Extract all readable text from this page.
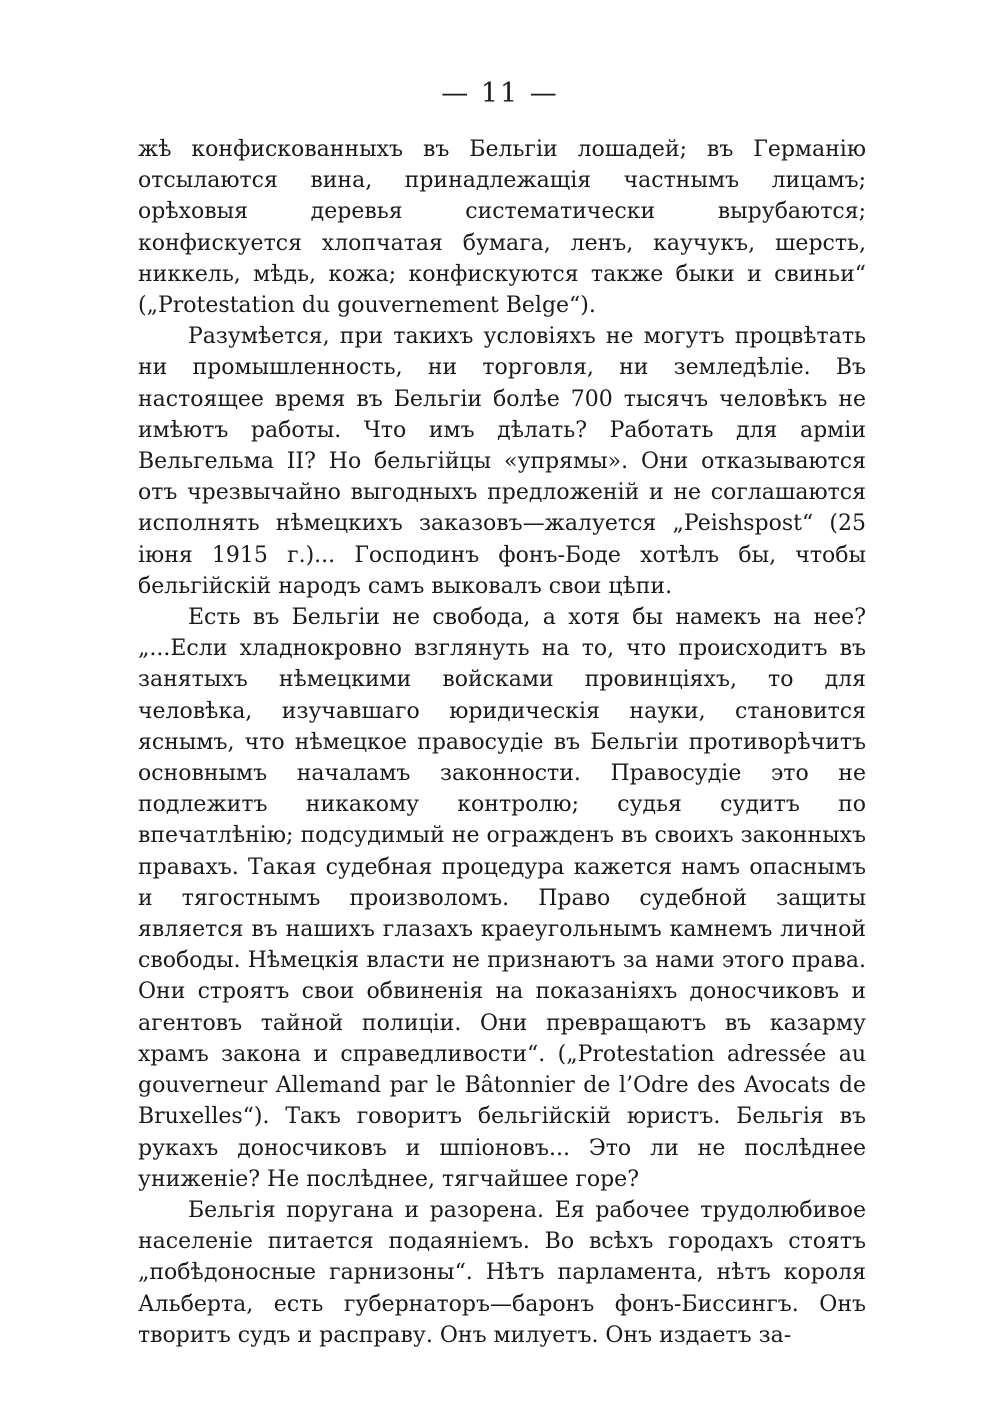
— 11 —

жѣ конфискованныхъ въ Бельгіи лошадей; въ Германію отсылаются вина, принадлежащія частнымъ лицамъ; орѣховыя деревья систематически вырубаются; конфискуется хлопчатая бумага, ленъ, каучукъ, шерсть, никкель, мѣдь, кожа; конфискуются также быки и свиньи“ („Protestation du gouvernement Belge“).

Разумѣется, при такихъ условіяхъ не могутъ процвѣтать ни промышленность, ни торговля, ни земледѣліе. Въ настоящее время въ Бельгіи болѣе 700 тысячъ человѣкъ не имѣютъ работы. Что имъ дѣлать? Работать для арміи Вельгельма II? Но бельгійцы «упрямы». Они отказываются отъ чрезвычайно выгодныхъ предложеній и не соглашаются исполнять нѣмецкихъ заказовъ—жалуется „Peishspost“ (25 іюня 1915 г.)... Господинъ фонъ-Боде хотѣлъ бы, чтобы бельгійскій народъ самъ выковалъ свои цѣпи.

Есть въ Бельгіи не свобода, а хотя бы намекъ на нее? „...Если хладнокровно взглянуть на то, что происходитъ въ занятыхъ нѣмецкими войсками провинціяхъ, то для человѣка, изучавшаго юридическія науки, становится яснымъ, что нѣмецкое правосудіе въ Бельгіи противорѣчитъ основнымъ началамъ законности. Правосудіе это не подлежитъ никакому контролю; судья судитъ по впечатлѣнію; подсудимый не огражденъ въ своихъ законныхъ правахъ. Такая судебная процедура кажется намъ опаснымъ и тягостнымъ произволомъ. Право судебной защиты является въ нашихъ глазахъ краеугольнымъ камнемъ личной свободы. Нѣмецкія власти не признаютъ за нами этого права. Они строятъ свои обвиненія на показаніяхъ доносчиковъ и агентовъ тайной полиціи. Они превращаютъ въ казарму храмъ закона и справедливости“. („Protestation adressée au gouverneur Allemand par le Bâtonnier de l’Odre des Avocats de Bruxelles“). Такъ говоритъ бельгійскій юристъ. Бельгія въ рукахъ доносчиковъ и шпіоновъ... Это ли не послѣднее униженіе? Не послѣднее, тягчайшее горе?

Бельгія поругана и разорена. Ея рабочее трудолюбивое населеніе питается подаяніемъ. Во всѣхъ городахъ стоятъ „побѣдоносные гарнизоны“. Нѣтъ парламента, нѣтъ короля Альберта, есть губернаторъ—баронъ фонъ-Биссингъ. Онъ творитъ судъ и расправу. Онъ милуетъ. Онъ издаетъ за-
